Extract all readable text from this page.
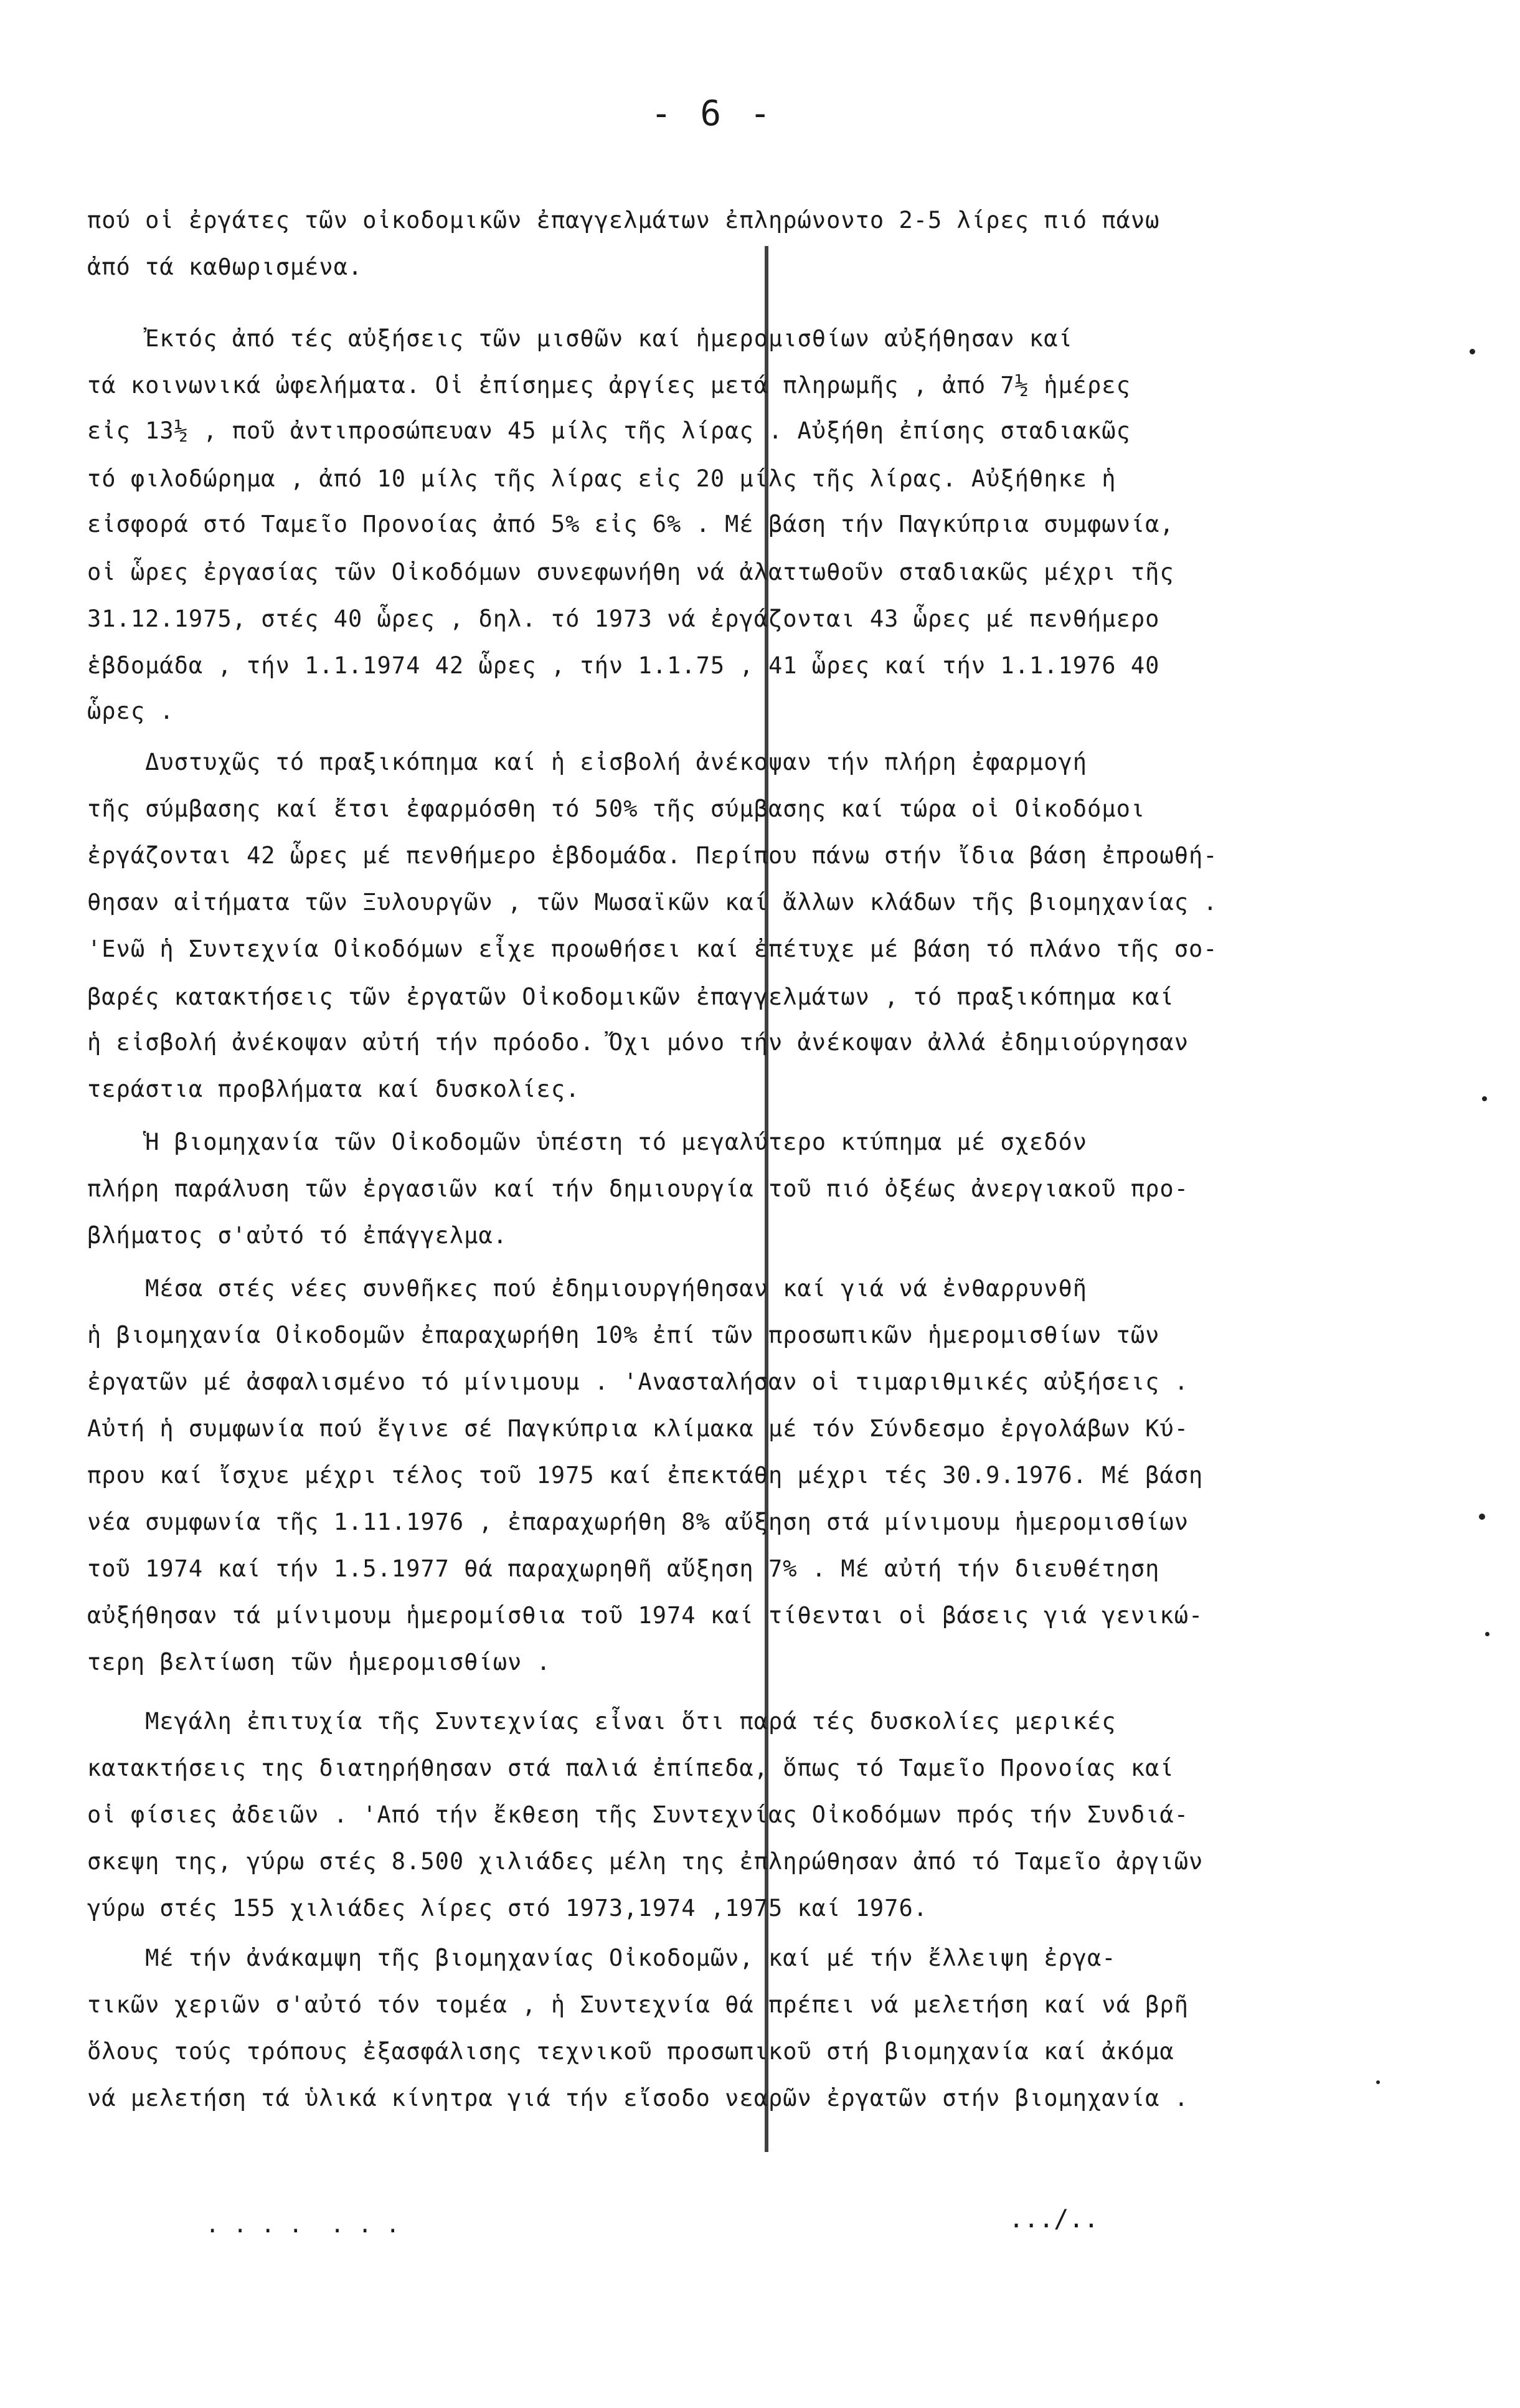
- 6 -
πού οἱ ἐργάτες τῶν οἰκοδομικῶν ἐπαγγελμάτων ἐπληρώνοντο 2-5 λίρες πιό πάνω
ἀπό τά καθωρισμένα.
Ἐκτός ἀπό τές αὐξήσεις τῶν μισθῶν καί ἡμερομισθίων αὐξήθησαν καί
τά κοινωνικά ὠφελήματα. Οἱ ἐπίσημες ἀργίες μετά πληρωμῆς , ἀπό 7½ ἡμέρες
εἰς 13½ , ποῦ ἀντιπροσώπευαν 45 μίλς τῆς λίρας . Αὐξήθη ἐπίσης σταδιακῶς
τό φιλοδώρημα , ἀπό 10 μίλς τῆς λίρας εἰς 20 μίλς τῆς λίρας. Αὐξήθηκε ἡ
εἰσφορά στό Ταμεῖο Προνοίας ἀπό 5% εἰς 6% . Μέ βάση τήν Παγκύπρια συμφωνία,
οἱ ὧρες ἐργασίας τῶν Οἰκοδόμων συνεφωνήθη νά ἀλαττωθοῦν σταδιακῶς μέχρι τῆς
31.12.1975, στές 40 ὧρες , δηλ. τό 1973 νά ἐργάζονται 43 ὧρες μέ πενθήμερο
ἑβδομάδα , τήν 1.1.1974 42 ὧρες , τήν 1.1.75 , 41 ὧρες καί τήν 1.1.1976 40
ὧρες .
Δυστυχῶς τό πραξικόπημα καί ἡ εἰσβολή ἀνέκοψαν τήν πλήρη ἐφαρμογή
τῆς σύμβασης καί ἔτσι ἐφαρμόσθη τό 50% τῆς σύμβασης καί τώρα οἱ Οἰκοδόμοι
ἐργάζονται 42 ὧρες μέ πενθήμερο ἑβδομάδα. Περίπου πάνω στήν ἴδια βάση ἐπροωθή-
θησαν αἰτήματα τῶν Ξυλουργῶν , τῶν Μωσαϊκῶν καί ἄλλων κλάδων τῆς βιομηχανίας .
'Ενῶ ἡ Συντεχνία Οἰκοδόμων εἶχε προωθήσει καί ἐπέτυχε μέ βάση τό πλάνο τῆς σο-
βαρές κατακτήσεις τῶν ἐργατῶν Οἰκοδομικῶν ἐπαγγελμάτων , τό πραξικόπημα καί
ἡ εἰσβολή ἀνέκοψαν αὐτή τήν πρόοδο. Ὄχι μόνο τήν ἀνέκοψαν ἀλλά ἐδημιούργησαν
τεράστια προβλήματα καί δυσκολίες.
Ἡ βιομηχανία τῶν Οἰκοδομῶν ὑπέστη τό μεγαλύτερο κτύπημα μέ σχεδόν
πλήρη παράλυση τῶν ἐργασιῶν καί τήν δημιουργία τοῦ πιό ὀξέως ἀνεργιακοῦ προ-
βλήματος σ'αὐτό τό ἐπάγγελμα.
Μέσα στές νέες συνθῆκες πού ἐδημιουργήθησαν καί γιά νά ἐνθαρρυνθῆ
ἡ βιομηχανία Οἰκοδομῶν ἐπαραχωρήθη 10% ἐπί τῶν προσωπικῶν ἡμερομισθίων τῶν
ἐργατῶν μέ ἀσφαλισμένο τό μίνιμουμ . 'Ανασταλήσαν οἱ τιμαριθμικές αὐξήσεις .
Αὐτή ἡ συμφωνία πού ἔγινε σέ Παγκύπρια κλίμακα μέ τόν Σύνδεσμο ἐργολάβων Κύ-
πρου καί ἴσχυε μέχρι τέλος τοῦ 1975 καί ἐπεκτάθη μέχρι τές 30.9.1976. Μέ βάση
νέα συμφωνία τῆς 1.11.1976 , ἐπαραχωρήθη 8% αὔξηση στά μίνιμουμ ἡμερομισθίων
τοῦ 1974 καί τήν 1.5.1977 θά παραχωρηθῆ αὔξηση 7% . Μέ αὐτή τήν διευθέτηση
αὐξήθησαν τά μίνιμουμ ἡμερομίσθια τοῦ 1974 καί τίθενται οἱ βάσεις γιά γενικώ-
τερη βελτίωση τῶν ἡμερομισθίων .
Μεγάλη ἐπιτυχία τῆς Συντεχνίας εἶναι ὅτι παρά τές δυσκολίες μερικές
κατακτήσεις της διατηρήθησαν στά παλιά ἐπίπεδα, ὅπως τό Ταμεῖο Προνοίας καί
οἱ φίσιες ἀδειῶν . 'Από τήν ἔκθεση τῆς Συντεχνίας Οἰκοδόμων πρός τήν Συνδιά-
σκεψη της, γύρω στές 8.500 χιλιάδες μέλη της ἐπληρώθησαν ἀπό τό Ταμεῖο ἀργιῶν
γύρω στές 155 χιλιάδες λίρες στό 1973,1974 ,1975 καί 1976.
Μέ τήν ἀνάκαμψη τῆς βιομηχανίας Οἰκοδομῶν, καί μέ τήν ἔλλειψη ἐργα-
τικῶν χεριῶν σ'αὐτό τόν τομέα , ἡ Συντεχνία θά πρέπει νά μελετήση καί νά βρῆ
ὅλους τούς τρόπους ἐξασφάλισης τεχνικοῦ προσωπικοῦ στή βιομηχανία καί ἀκόμα
νά μελετήση τά ὑλικά κίνητρα γιά τήν εἴσοδο νεαρῶν ἐργατῶν στήν βιομηχανία .
. . . .  . . .	.../..
